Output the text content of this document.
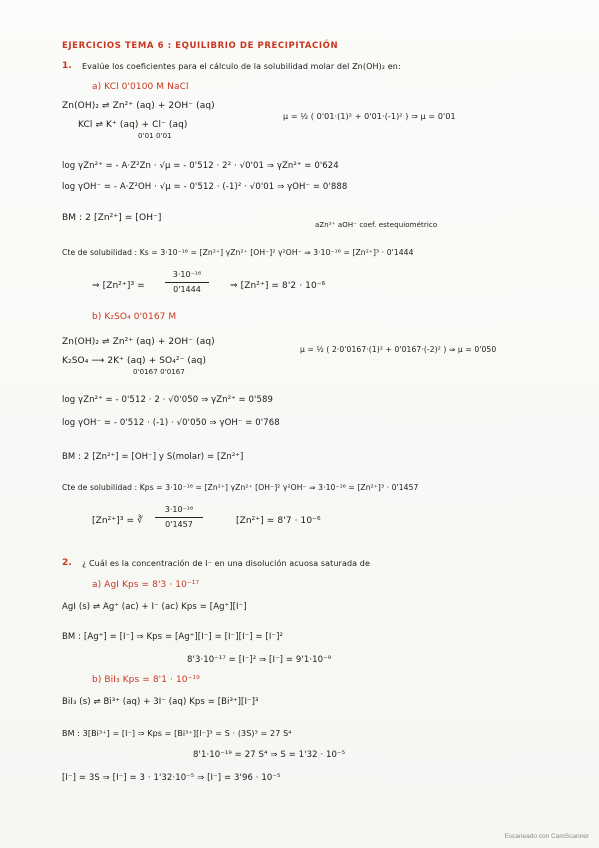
EJERCICIOS TEMA 6 : EQUILIBRIO DE PRECIPITACIÓN
1. Evalúe los coeficientes para el cálculo de la solubilidad molar del Zn(OH)₂ en:
a) KCl 0'0100 M NaCl
Zn(OH)₂ ⇌ Zn²⁺ (aq) + 2OH⁻ (aq)
KCl ⇌ K⁺ (aq) + Cl⁻ (aq)
0'01 0'01
μ = ½ ( 0'01·(1)² + 0'01·(-1)² ) ⇒ μ = 0'01
log γZn²⁺ = - A·Z²Zn · √μ = - 0'512 · 2² · √0'01 ⇒ γZn²⁺ = 0'624
log γOH⁻ = - A·Z²OH · √μ = - 0'512 · (-1)² · √0'01 ⇒ γOH⁻ = 0'888
BM : 2 [Zn²⁺] = [OH⁻]
aZn²⁺ aOH⁻ coef. estequiométrico
Cte de solubilidad : Ks = 3·10⁻¹⁶ = [Zn²⁺] γZn²⁺ [OH⁻]² γ²OH⁻ ⇒ 3·10⁻¹⁶ = [Zn²⁺]³ · 0'1444
⇒ [Zn²⁺]³ =
3·10⁻¹⁶
0'1444	⇒ [Zn²⁺] = 8'2 · 10⁻⁶
b) K₂SO₄ 0'0167 M
Zn(OH)₂ ⇌ Zn²⁺ (aq) + 2OH⁻ (aq)
K₂SO₄ ⟶ 2K⁺ (aq) + SO₄²⁻ (aq)
0'0167 0'0167
μ = ½ ( 2·0'0167·(1)² + 0'0167·(-2)² ) ⇒ μ = 0'050
log γZn²⁺ = - 0'512 · 2 · √0'050 ⇒ γZn²⁺ = 0'589
log γOH⁻ = - 0'512 · (-1) · √0'050 ⇒ γOH⁻ = 0'768
BM : 2 [Zn²⁺] = [OH⁻] y S(molar) = [Zn²⁺]
Cte de solubilidad : Kps = 3·10⁻¹⁶ = [Zn²⁺] γZn²⁺ [OH⁻]² γ²OH⁻ ⇒ 3·10⁻¹⁶ = [Zn²⁺]³ · 0'1457
[Zn²⁺]³ = ∛
3·10⁻¹⁶
0'1457	[Zn²⁺] = 8'7 · 10⁻⁶
2. ¿ Cuál es la concentración de I⁻ en una disolución acuosa saturada de
a) AgI Kps = 8'3 · 10⁻¹⁷
AgI (s) ⇌ Ag⁺ (ac) + I⁻ (ac) Kps = [Ag⁺][I⁻]
BM : [Ag⁺] = [I⁻] ⇒ Kps = [Ag⁺][I⁻] = [I⁻][I⁻] = [I⁻]²
8'3·10⁻¹⁷ = [I⁻]² ⇒ [I⁻] = 9'1·10⁻⁹
b) BiI₃ Kps = 8'1 · 10⁻¹⁹
BiI₃ (s) ⇌ Bi³⁺ (aq) + 3I⁻ (aq) Kps = [Bi³⁺][I⁻]³
BM : 3[Bi³⁺] = [I⁻] ⇒ Kps = [Bi³⁺][I⁻]³ = S · (3S)³ = 27 S⁴
8'1·10⁻¹⁹ = 27 S⁴ ⇒ S = 1'32 · 10⁻⁵
[I⁻] = 3S ⇒ [I⁻] = 3 · 1'32·10⁻⁵ ⇒ [I⁻] = 3'96 · 10⁻⁵
Escaneado con CamScanner
